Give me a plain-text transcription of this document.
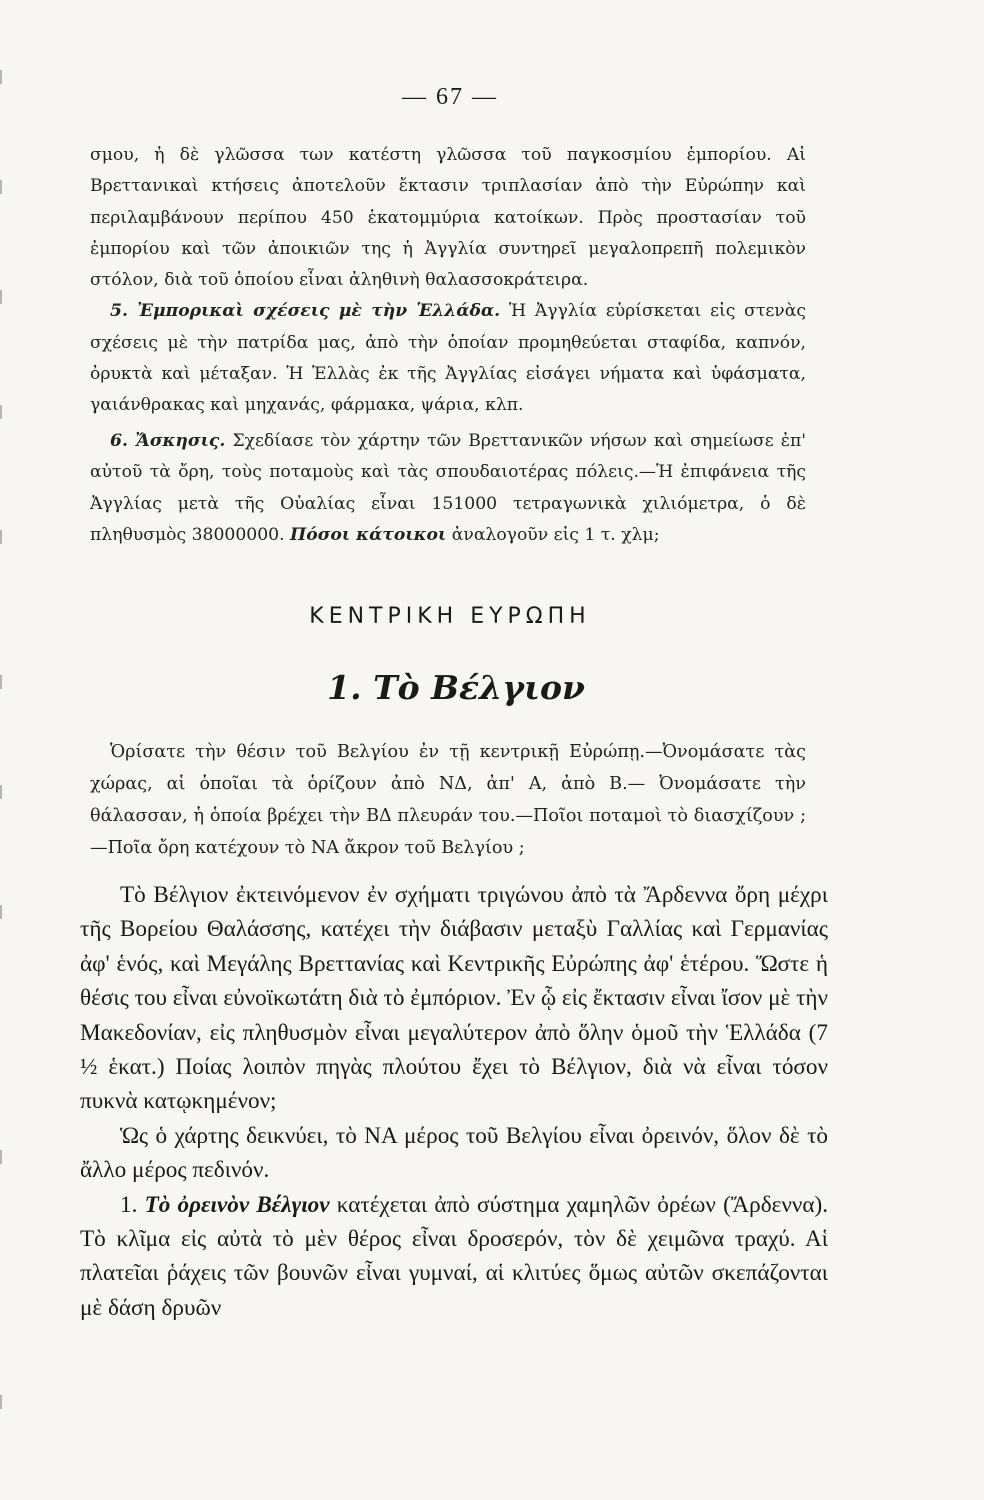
— 67 —

σμου, ἡ δὲ γλῶσσα των κατέστη γλῶσσα τοῦ παγκοσμίου ἐμπορίου. Αἱ Βρεττανικαὶ κτήσεις ἀποτελοῦν ἔκτασιν τριπλασίαν ἀπὸ τὴν Εὐρώπην καὶ περιλαμβάνουν περίπου 450 ἑκατομμύρια κατοίκων. Πρὸς προστασίαν τοῦ ἐμπορίου καὶ τῶν ἀποικιῶν της ἡ Ἀγγλία συντηρεῖ μεγαλοπρεπῆ πολεμικὸν στόλον, διὰ τοῦ ὁποίου εἶναι ἀληθινὴ θαλασσοκράτειρα.

5. Ἐμπορικαὶ σχέσεις μὲ τὴν Ἑλλάδα. Ἡ Ἀγγλία εὑρίσκεται εἰς στενὰς σχέσεις μὲ τὴν πατρίδα μας, ἀπὸ τὴν ὁποίαν προμηθεύεται σταφίδα, καπνόν, ὀρυκτὰ καὶ μέταξαν. Ἡ Ἑλλὰς ἐκ τῆς Ἀγγλίας εἰσάγει νήματα καὶ ὑφάσματα, γαιάνθρακας καὶ μηχανάς, φάρμακα, ψάρια, κλπ.

6. Ἄσκησις. Σχεδίασε τὸν χάρτην τῶν Βρεττανικῶν νήσων καὶ σημείωσε ἐπ' αὐτοῦ τὰ ὄρη, τοὺς ποταμοὺς καὶ τὰς σπουδαιοτέρας πόλεις.—Ἡ ἐπιφάνεια τῆς Ἀγγλίας μετὰ τῆς Οὐαλίας εἶναι 151000 τετραγωνικὰ χιλιόμετρα, ὁ δὲ πληθυσμὸς 38000000. Πόσοι κάτοικοι ἀναλογοῦν εἰς 1 τ. χλμ;

ΚΕΝΤΡΙΚΗ ΕΥΡΩΠΗ
1. Τὸ Βέλγιον

Ὁρίσατε τὴν θέσιν τοῦ Βελγίου ἐν τῇ κεντρικῇ Εὐρώπῃ.—Ὀνομάσατε τὰς χώρας, αἱ ὁποῖαι τὰ ὁρίζουν ἀπὸ ΝΔ, ἀπ' Α, ἀπὸ Β.— Ὀνομάσατε τὴν θάλασσαν, ἡ ὁποία βρέχει τὴν ΒΔ πλευράν του.—Ποῖοι ποταμοὶ τὸ διασχίζουν ;—Ποῖα ὄρη κατέχουν τὸ ΝΑ ἄκρον τοῦ Βελγίου ;

Τὸ Βέλγιον ἐκτεινόμενον ἐν σχήματι τριγώνου ἀπὸ τὰ Ἄρδεννα ὄρη μέχρι τῆς Βορείου Θαλάσσης, κατέχει τὴν διάβασιν μεταξὺ Γαλλίας καὶ Γερμανίας ἀφ' ἑνός, καὶ Μεγάλης Βρεττανίας καὶ Κεντρικῆς Εὐρώπης ἀφ' ἑτέρου. Ὥστε ἡ θέσις του εἶναι εὐνοϊκωτάτη διὰ τὸ ἐμπόριον. Ἐν ᾧ εἰς ἔκτασιν εἶναι ἴσον μὲ τὴν Μακεδονίαν, εἰς πληθυσμὸν εἶναι μεγαλύτερον ἀπὸ ὅλην ὁμοῦ τὴν Ἑλλάδα (7 ½ ἑκατ.) Ποίας λοιπὸν πηγὰς πλούτου ἔχει τὸ Βέλγιον, διὰ νὰ εἶναι τόσον πυκνὰ κατῳκημένον;

Ὡς ὁ χάρτης δεικνύει, τὸ ΝΑ μέρος τοῦ Βελγίου εἶναι ὀρεινόν, ὅλον δὲ τὸ ἄλλο μέρος πεδινόν.

1. Τὸ ὀρεινὸν Βέλγιον κατέχεται ἀπὸ σύστημα χαμηλῶν ὀρέων (Ἄρδεννα). Τὸ κλῖμα εἰς αὐτὰ τὸ μὲν θέρος εἶναι δροσερόν, τὸν δὲ χειμῶνα τραχύ. Αἱ πλατεῖαι ῥάχεις τῶν βουνῶν εἶναι γυμναί, αἱ κλιτύες ὅμως αὐτῶν σκεπάζονται μὲ δάση δρυῶν
